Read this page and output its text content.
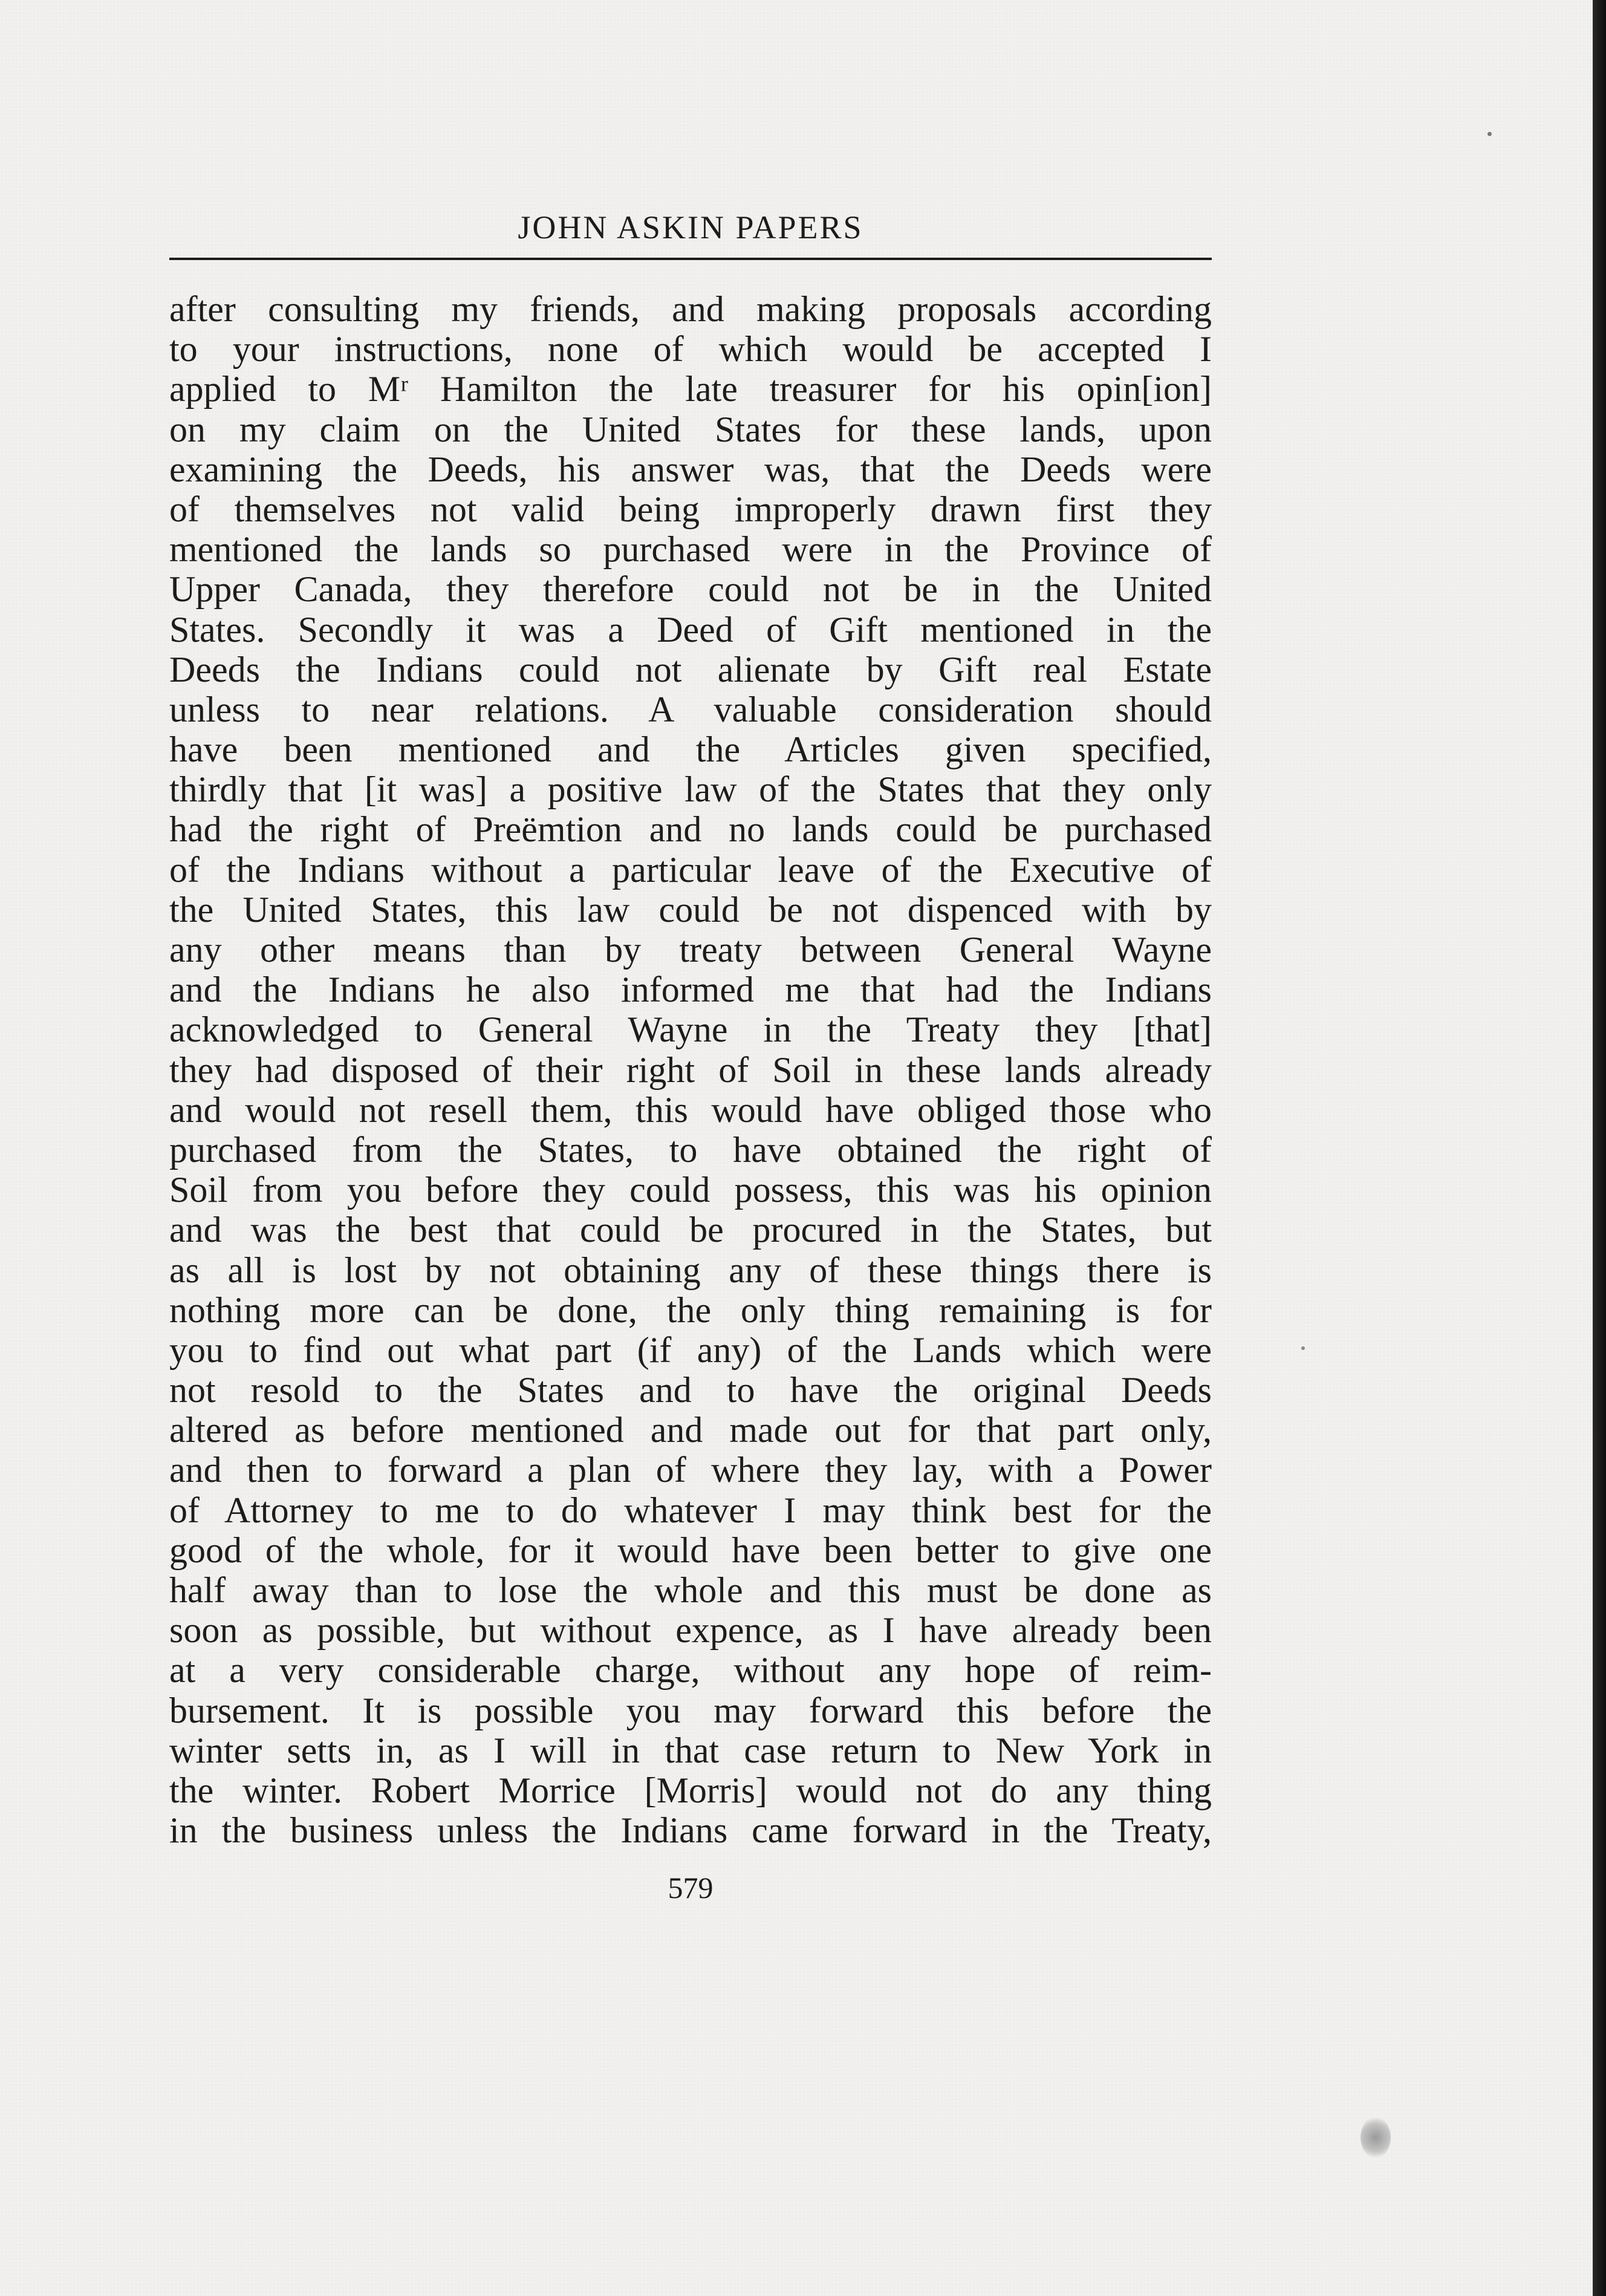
JOHN ASKIN PAPERS
after consulting my friends, and making proposals according
to your instructions, none of which would be accepted I
applied to Mʳ Hamilton the late treasurer for his opin[ion]
on my claim on the United States for these lands, upon
examining the Deeds, his answer was, that the Deeds were
of themselves not valid being improperly drawn first they
mentioned the lands so purchased were in the Province of
Upper Canada, they therefore could not be in the United
States. Secondly it was a Deed of Gift mentioned in the
Deeds the Indians could not alienate by Gift real Estate
unless to near relations. A valuable consideration should
have been mentioned and the Articles given specified,
thirdly that [it was] a positive law of the States that they only
had the right of Preëmtion and no lands could be purchased
of the Indians without a particular leave of the Executive of
the United States, this law could be not dispenced with by
any other means than by treaty between General Wayne
and the Indians he also informed me that had the Indians
acknowledged to General Wayne in the Treaty they [that]
they had disposed of their right of Soil in these lands already
and would not resell them, this would have obliged those who
purchased from the States, to have obtained the right of
Soil from you before they could possess, this was his opinion
and was the best that could be procured in the States, but
as all is lost by not obtaining any of these things there is
nothing more can be done, the only thing remaining is for
you to find out what part (if any) of the Lands which were
not resold to the States and to have the original Deeds
altered as before mentioned and made out for that part only,
and then to forward a plan of where they lay, with a Power
of Attorney to me to do whatever I may think best for the
good of the whole, for it would have been better to give one
half away than to lose the whole and this must be done as
soon as possible, but without expence, as I have already been
at a very considerable charge, without any hope of reim-
bursement. It is possible you may forward this before the
winter setts in, as I will in that case return to New York in
the winter. Robert Morrice [Morris] would not do any thing
in the business unless the Indians came forward in the Treaty,
579
